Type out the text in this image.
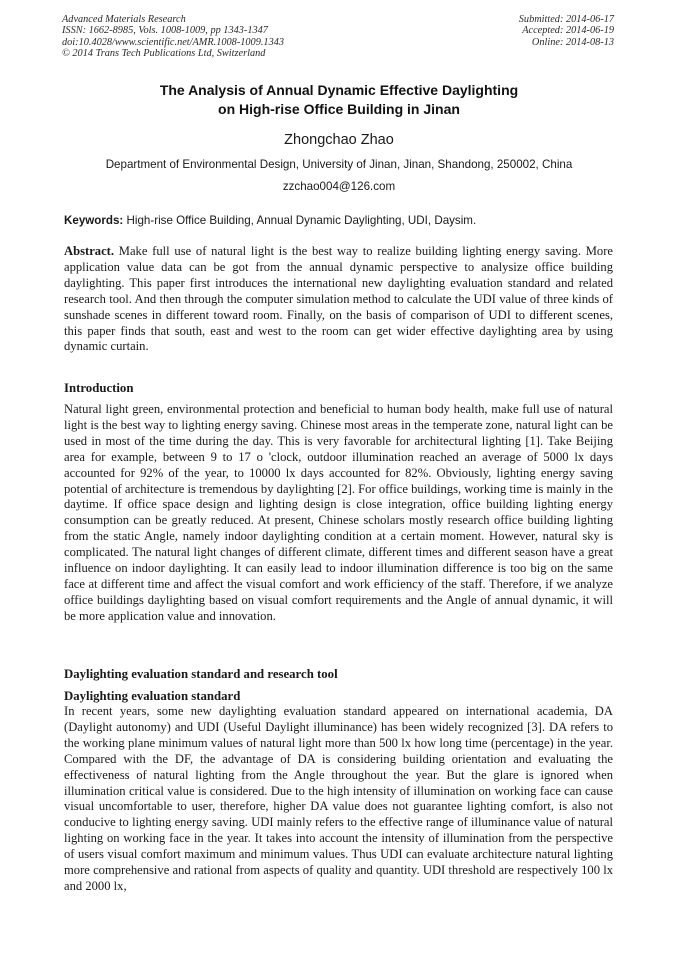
Advanced Materials Research
ISSN: 1662-8985, Vols. 1008-1009, pp 1343-1347
doi:10.4028/www.scientific.net/AMR.1008-1009.1343
© 2014 Trans Tech Publications Ltd, Switzerland
Submitted: 2014-06-17
Accepted: 2014-06-19
Online: 2014-08-13
The Analysis of Annual Dynamic Effective Daylighting
on High-rise Office Building in Jinan
Zhongchao Zhao
Department of Environmental Design, University of Jinan, Jinan, Shandong, 250002, China
zzchao004@126.com
Keywords: High-rise Office Building, Annual Dynamic Daylighting, UDI, Daysim.
Abstract. Make full use of natural light is the best way to realize building lighting energy saving. More application value data can be got from the annual dynamic perspective to analysize office building daylighting. This paper first introduces the international new daylighting evaluation standard and related research tool. And then through the computer simulation method to calculate the UDI value of three kinds of sunshade scenes in different toward room. Finally, on the basis of comparison of UDI to different scenes, this paper finds that south, east and west to the room can get wider effective daylighting area by using dynamic curtain.
Introduction
Natural light green, environmental protection and beneficial to human body health, make full use of natural light is the best way to lighting energy saving. Chinese most areas in the temperate zone, natural light can be used in most of the time during the day. This is very favorable for architectural lighting [1]. Take Beijing area for example, between 9 to 17 o 'clock, outdoor illumination reached an average of 5000 lx days accounted for 92% of the year, to 10000 lx days accounted for 82%. Obviously, lighting energy saving potential of architecture is tremendous by daylighting [2]. For office buildings, working time is mainly in the daytime. If office space design and lighting design is close integration, office building lighting energy consumption can be greatly reduced. At present, Chinese scholars mostly research office building lighting from the static Angle, namely indoor daylighting condition at a certain moment. However, natural sky is complicated. The natural light changes of different climate, different times and different season have a great influence on indoor daylighting. It can easily lead to indoor illumination difference is too big on the same face at different time and affect the visual comfort and work efficiency of the staff. Therefore, if we analyze office buildings daylighting based on visual comfort requirements and the Angle of annual dynamic, it will be more application value and innovation.
Daylighting evaluation standard and research tool
Daylighting evaluation standard
In recent years, some new daylighting evaluation standard appeared on international academia, DA (Daylight autonomy) and UDI (Useful Daylight illuminance) has been widely recognized [3]. DA refers to the working plane minimum values of natural light more than 500 lx how long time (percentage) in the year. Compared with the DF, the advantage of DA is considering building orientation and evaluating the effectiveness of natural lighting from the Angle throughout the year. But the glare is ignored when illumination critical value is considered. Due to the high intensity of illumination on working face can cause visual uncomfortable to user, therefore, higher DA value does not guarantee lighting comfort, is also not conducive to lighting energy saving. UDI mainly refers to the effective range of illuminance value of natural lighting on working face in the year. It takes into account the intensity of illumination from the perspective of users visual comfort maximum and minimum values. Thus UDI can evaluate architecture natural lighting more comprehensive and rational from aspects of quality and quantity. UDI threshold are respectively 100 lx and 2000 lx,
